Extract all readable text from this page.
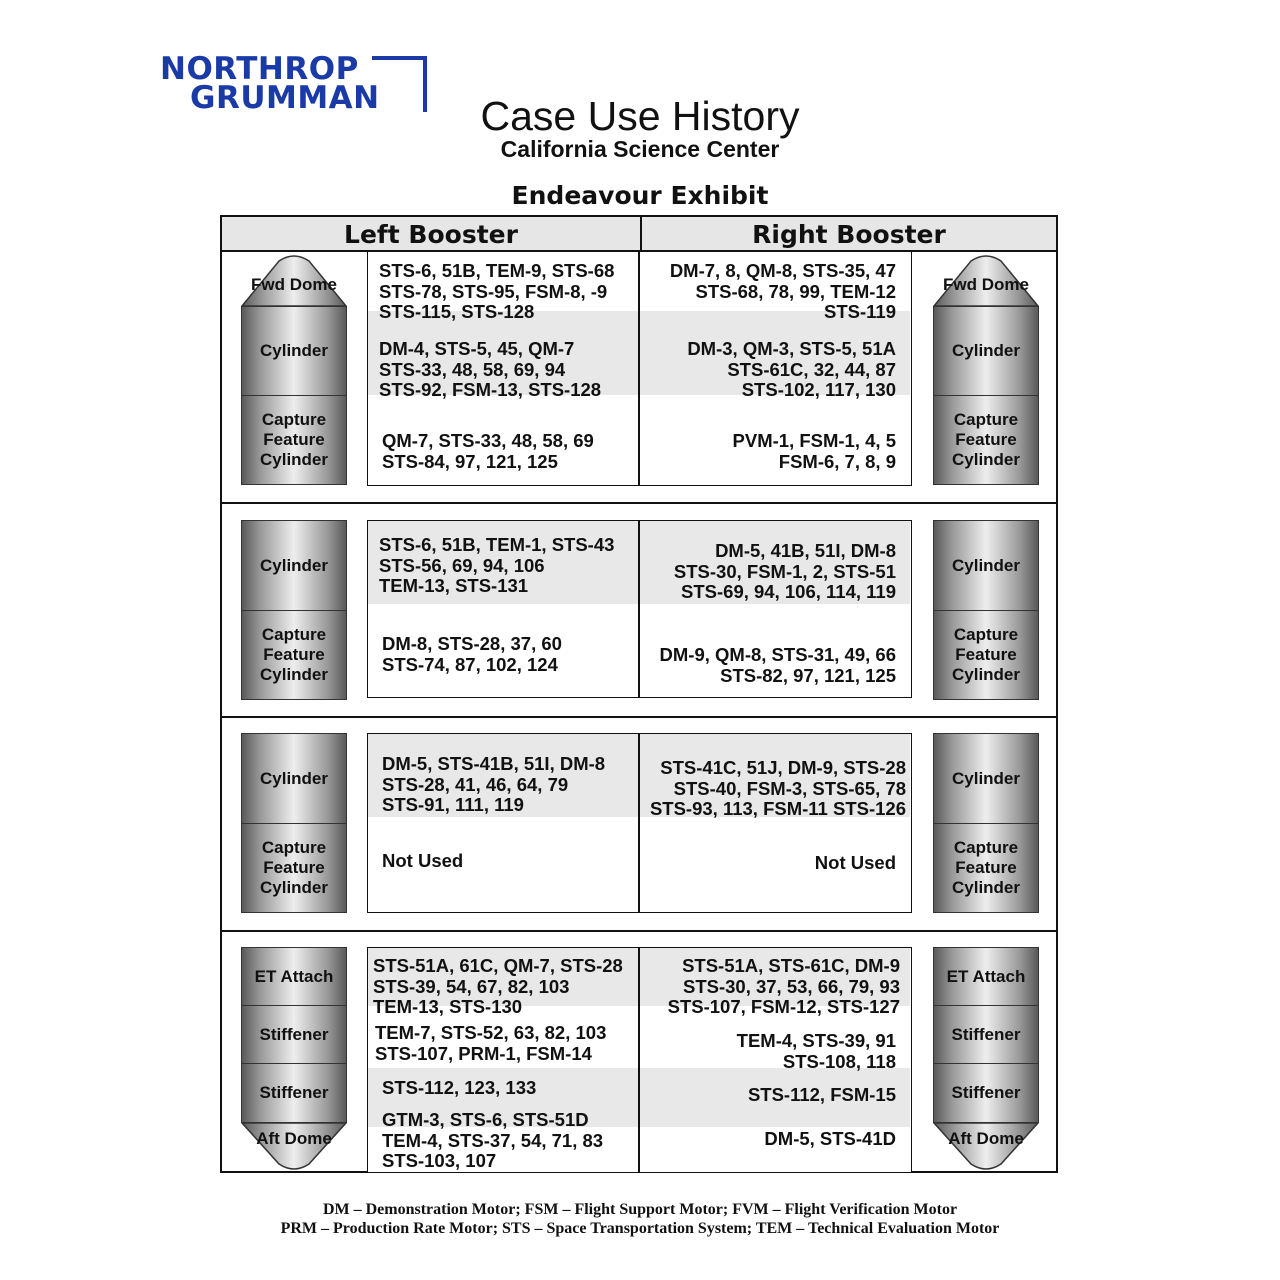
NORTHROP
GRUMMAN	Case Use History
California Science Center
Endeavour Exhibit
Left Booster	Right Booster
Fwd Dome
Cylinder
Capture
Feature
Cylinder
Fwd Dome
Cylinder
Capture
Feature
Cylinder
STS-6, 51B, TEM-9, STS-68
STS-78, STS-95, FSM-8, -9
STS-115, STS-128
DM-4, STS-5, 45, QM-7
STS-33, 48, 58, 69, 94
STS-92, FSM-13, STS-128
QM-7, STS-33, 48, 58, 69
STS-84, 97, 121, 125
DM-7, 8, QM-8, STS-35, 47
STS-68, 78, 99, TEM-12
STS-119
DM-3, QM-3, STS-5, 51A
STS-61C, 32, 44, 87
STS-102, 117, 130
PVM-1, FSM-1, 4, 5
FSM-6, 7, 8, 9
Cylinder
Capture
Feature
Cylinder
Cylinder
Capture
Feature
Cylinder
STS-6, 51B, TEM-1, STS-43
STS-56, 69, 94, 106
TEM-13, STS-131
DM-8, STS-28, 37, 60
STS-74, 87, 102, 124
DM-5, 41B, 51I, DM-8
STS-30, FSM-1, 2, STS-51
STS-69, 94, 106, 114, 119
DM-9, QM-8, STS-31, 49, 66
STS-82, 97, 121, 125
Cylinder
Capture
Feature
Cylinder
Cylinder
Capture
Feature
Cylinder
DM-5, STS-41B, 51I, DM-8
STS-28, 41, 46, 64, 79
STS-91, 111, 119
Not Used
STS-41C, 51J, DM-9, STS-28
STS-40, FSM-3, STS-65, 78
STS-93, 113, FSM-11 STS-126
Not Used
ET Attach
Stiffener
Stiffener
Aft Dome
ET Attach
Stiffener
Stiffener
Aft Dome
STS-51A, 61C, QM-7, STS-28
STS-39, 54, 67, 82, 103
TEM-13, STS-130
TEM-7, STS-52, 63, 82, 103
STS-107, PRM-1, FSM-14
STS-112, 123, 133
GTM-3, STS-6, STS-51D
TEM-4, STS-37, 54, 71, 83
STS-103, 107
STS-51A, STS-61C, DM-9
STS-30, 37, 53, 66, 79, 93
STS-107, FSM-12, STS-127
TEM-4, STS-39, 91
STS-108, 118
STS-112, FSM-15
DM-5, STS-41D
DM – Demonstration Motor; FSM – Flight Support Motor; FVM – Flight Verification Motor
PRM – Production Rate Motor; STS – Space Transportation System; TEM – Technical Evaluation Motor
